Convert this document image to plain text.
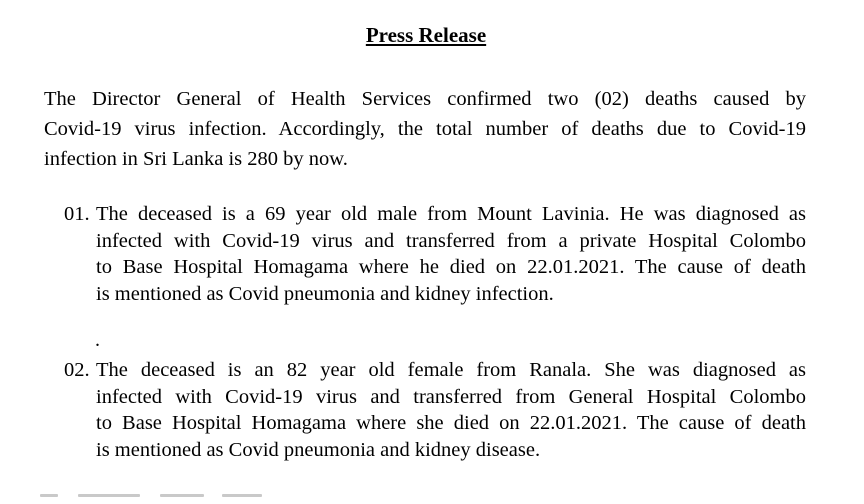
Press Release
The Director General of Health Services confirmed two (02) deaths caused by
Covid-19 virus infection. Accordingly, the total number of deaths due to Covid-19
infection in Sri Lanka is 280 by now.
01. The deceased is a 69 year old male from Mount Lavinia. He was diagnosed as
infected with Covid-19 virus and transferred from a private Hospital Colombo
to Base Hospital Homagama where he died on 22.01.2021. The cause of death
is mentioned as Covid pneumonia and kidney infection.
.
02. The deceased is an 82 year old female from Ranala. She was diagnosed as
infected with Covid-19 virus and transferred from General Hospital Colombo
to Base Hospital Homagama where she died on 22.01.2021. The cause of death
is mentioned as Covid pneumonia and kidney disease.
